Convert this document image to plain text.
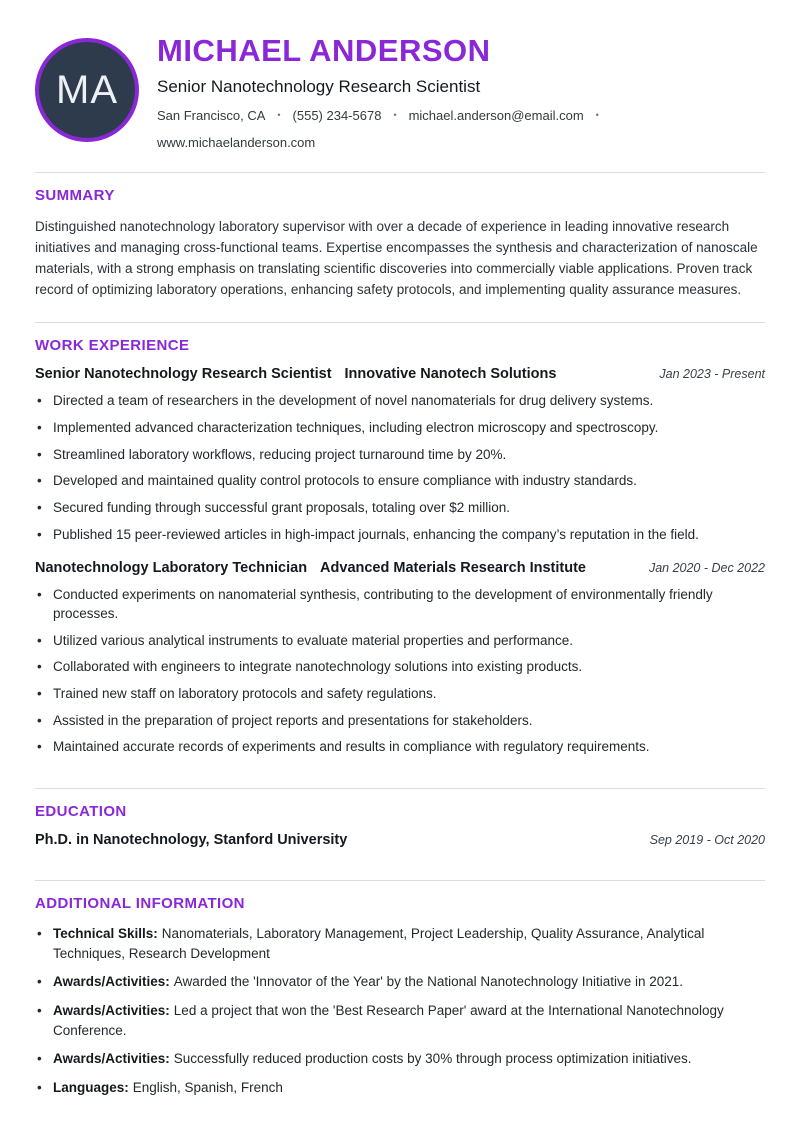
MA
MICHAEL ANDERSON
Senior Nanotechnology Research Scientist
San Francisco, CA • (555) 234-5678 • michael.anderson@email.com •
www.michaelanderson.com
SUMMARY

Distinguished nanotechnology laboratory supervisor with over a decade of experience in leading innovative research initiatives and managing cross-functional teams. Expertise encompasses the synthesis and characterization of nanoscale materials, with a strong emphasis on translating scientific discoveries into commercially viable applications. Proven track record of optimizing laboratory operations, enhancing safety protocols, and implementing quality assurance measures.

WORK EXPERIENCE
Senior Nanotechnology Research Scientist Innovative Nanotech Solutions	Jan 2023 - Present
• Directed a team of researchers in the development of novel nanomaterials for drug delivery systems.
• Implemented advanced characterization techniques, including electron microscopy and spectroscopy.
• Streamlined laboratory workflows, reducing project turnaround time by 20%.
• Developed and maintained quality control protocols to ensure compliance with industry standards.
• Secured funding through successful grant proposals, totaling over $2 million.
• Published 15 peer-reviewed articles in high-impact journals, enhancing the company’s reputation in the field.
Nanotechnology Laboratory Technician Advanced Materials Research Institute	Jan 2020 - Dec 2022
• Conducted experiments on nanomaterial synthesis, contributing to the development of environmentally friendly processes.
• Utilized various analytical instruments to evaluate material properties and performance.
• Collaborated with engineers to integrate nanotechnology solutions into existing products.
• Trained new staff on laboratory protocols and safety regulations.
• Assisted in the preparation of project reports and presentations for stakeholders.
• Maintained accurate records of experiments and results in compliance with regulatory requirements.
EDUCATION
Ph.D. in Nanotechnology, Stanford University	Sep 2019 - Oct 2020
ADDITIONAL INFORMATION
• Technical Skills: Nanomaterials, Laboratory Management, Project Leadership, Quality Assurance, Analytical Techniques, Research Development
• Awards/Activities: Awarded the 'Innovator of the Year' by the National Nanotechnology Initiative in 2021.
• Awards/Activities: Led a project that won the 'Best Research Paper' award at the International Nanotechnology Conference.
• Awards/Activities: Successfully reduced production costs by 30% through process optimization initiatives.
• Languages: English, Spanish, French
